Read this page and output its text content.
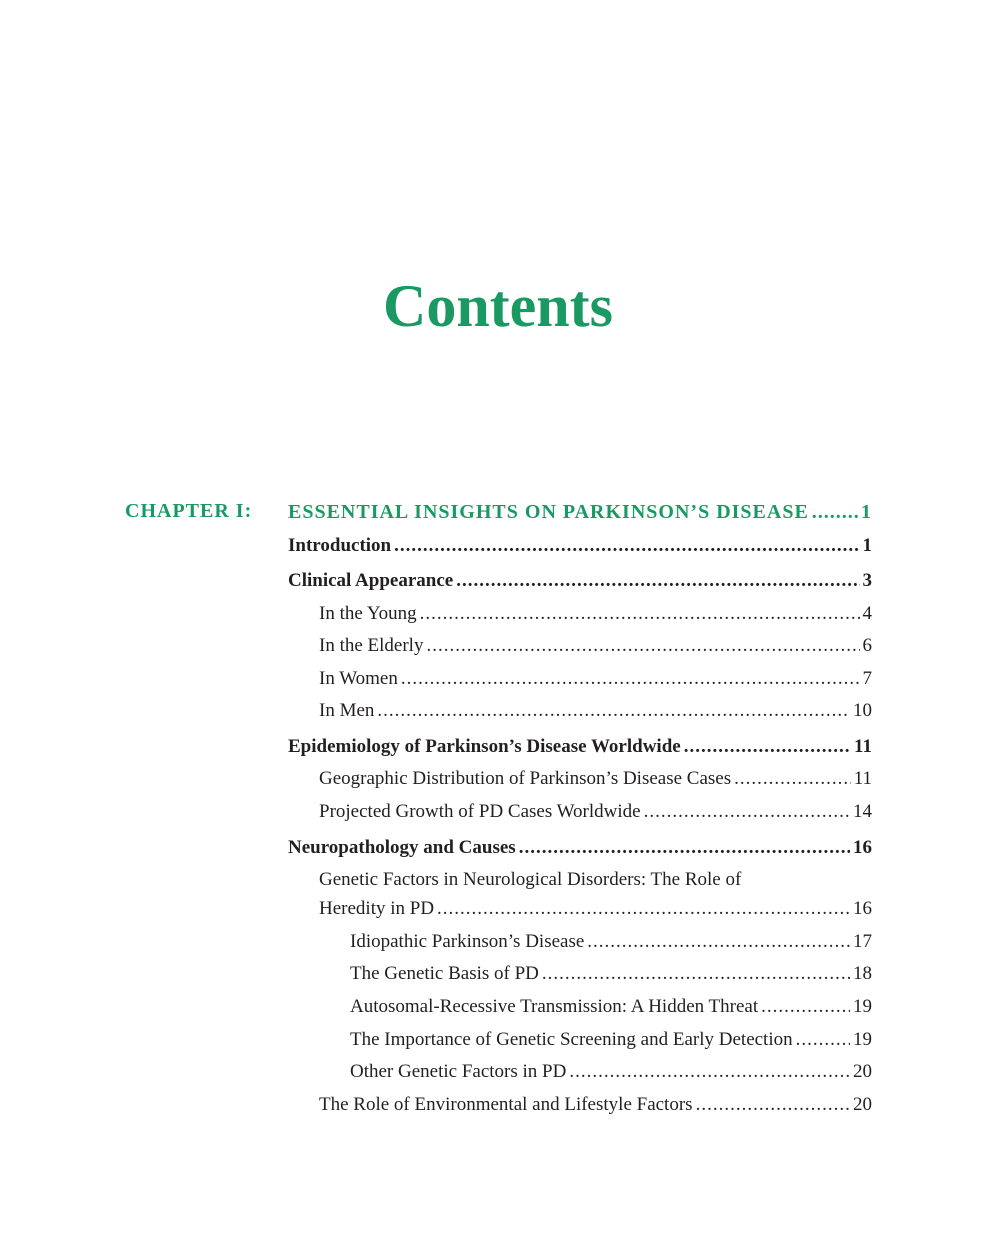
Contents
CHAPTER I: ESSENTIAL INSIGHTS ON PARKINSON’S DISEASE .....	1
Introduction .....	1
Clinical Appearance .....	3
In the Young .....	4
In the Elderly .....	6
In Women .....	7
In Men .....	10
Epidemiology of Parkinson’s Disease Worldwide .....	11
Geographic Distribution of Parkinson’s Disease Cases .....	11
Projected Growth of PD Cases Worldwide .....	14
Neuropathology and Causes .....	16
Genetic Factors in Neurological Disorders: The Role of
Heredity in PD .....	16
Idiopathic Parkinson’s Disease .....	17
The Genetic Basis of PD .....	18
Autosomal-Recessive Transmission: A Hidden Threat .....	19
The Importance of Genetic Screening and Early Detection .....	19
Other Genetic Factors in PD .....	20
The Role of Environmental and Lifestyle Factors .....	20
